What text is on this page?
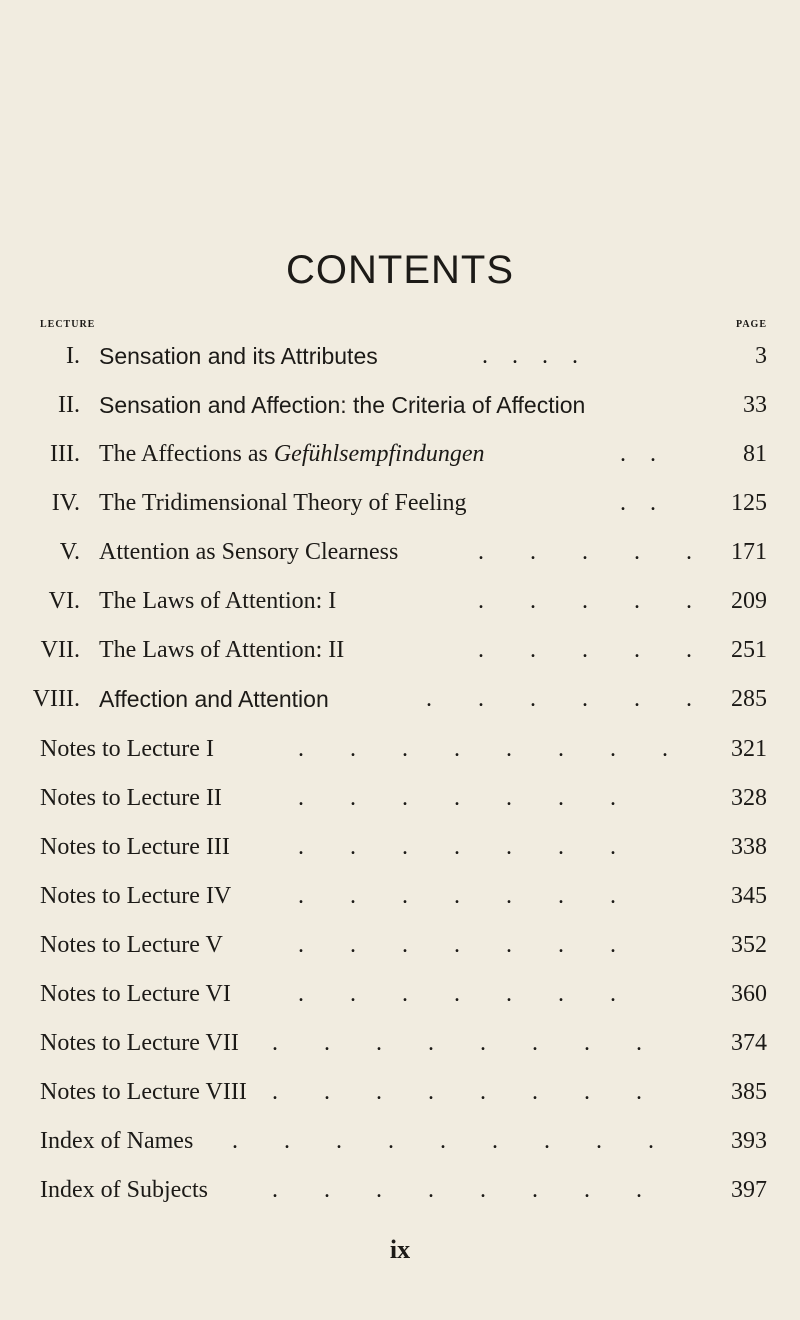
CONTENTS
LECTURE	PAGE
I. Sensation and its Attributes	. . . .	3
II. Sensation and Affection: the Criteria of Affection	33
III. The Affections as Gefühlsempfindungen	. .	81
IV. The Tridimensional Theory of Feeling	. .	125
V. Attention as Sensory Clearness	. . . . . 171
VI. The Laws of Attention: I	. . . . . 209
VII. The Laws of Attention: II	. . . . . 251
VIII. Affection and Attention	. . . . . . 285
Notes to Lecture I	. . . . . . . . 321
Notes to Lecture II	. . . . . . .	328
Notes to Lecture III	. . . . . . .	338
Notes to Lecture IV	. . . . . . .	345
Notes to Lecture V	. . . . . . .	352
Notes to Lecture VI	. . . . . . .	360
Notes to Lecture VII . . . . . . . .	374
Notes to Lecture VIII . . . . . . . .	385
Index of Names . . . . . . . . . 393
Index of Subjects	. . . . . . . .	397
ix
